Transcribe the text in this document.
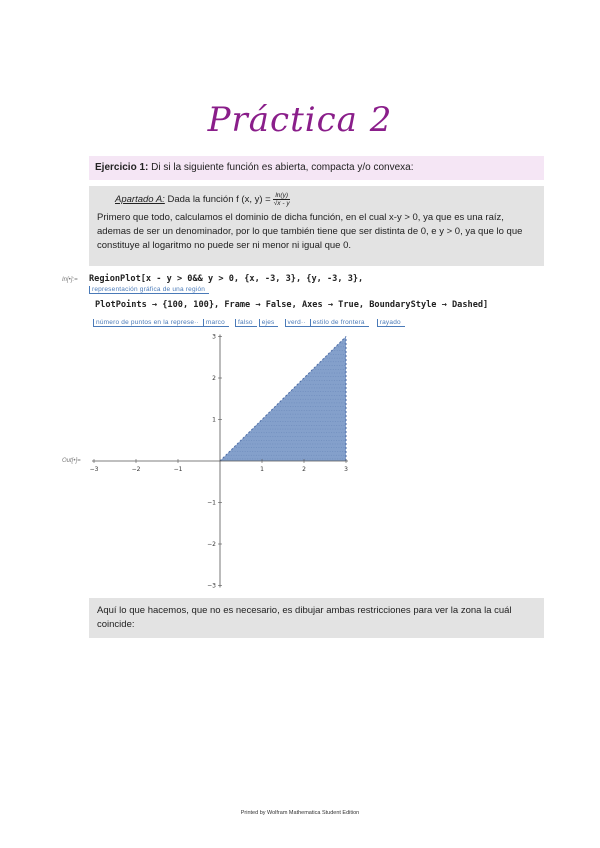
Práctica 2
Ejercicio 1: Di si la siguiente función es abierta, compacta y/o convexa:
Apartado A: Dada la función f (x, $y) = \frac{\ln(y)}{√x - y}$
Primero que todo, calculamos el dominio de dicha función, en el cual x-y > 0, ya que es una raíz, ademas de ser un denominador, por lo que también tiene que ser distinta de 0, e y > 0, ya que lo que constituye al logaritmo no puede ser ni menor ni igual que 0.
In[•]:= RegionPlot[x - y > 0&& y > 0, {x, -3, 3}, {y, -3, 3},
representación gráfica de una región
PlotPoints → {100, 100}, Frame → False, Axes → True, BoundaryStyle → Dashed]

número de puntos en la represe·· marco falso ejes verd·· estilo de frontera rayado

Out[•]=
−3	−2	−1	1	2	3
−3
−2
−1
1
2
3
Aquí lo que hacemos, que no es necesario, es dibujar ambas restricciones para ver la zona la cuál coincide:
Printed by Wolfram Mathematica Student Edition
